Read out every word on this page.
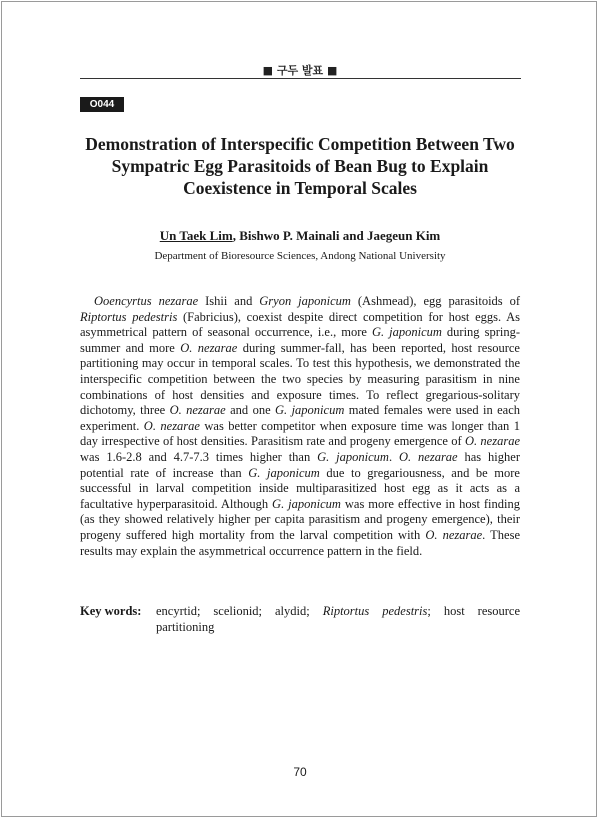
■ 구두 발표 ■
O044
Demonstration of Interspecific Competition Between Two Sympatric Egg Parasitoids of Bean Bug to Explain Coexistence in Temporal Scales
Un Taek Lim, Bishwo P. Mainali and Jaegeun Kim
Department of Bioresource Sciences, Andong National University

Ooencyrtus nezarae Ishii and Gryon japonicum (Ashmead), egg parasitoids of Riptortus pedestris (Fabricius), coexist despite direct competition for host eggs. As asymmetrical pattern of seasonal occurrence, i.e., more G. japonicum during spring-summer and more O. nezarae during summer-fall, has been reported, host resource partitioning may occur in temporal scales. To test this hypothesis, we demonstrated the interspecific competition between the two species by measuring parasitism in nine combinations of host densities and exposure times. To reflect gregarious-solitary dichotomy, three O. nezarae and one G. japonicum mated females were used in each experiment. O. nezarae was better competitor when exposure time was longer than 1 day irrespective of host densities. Parasitism rate and progeny emergence of O. nezarae was 1.6-2.8 and 4.7-7.3 times higher than G. japonicum. O. nezarae has higher potential rate of increase than G. japonicum due to gregariousness, and be more successful in larval competition inside multiparasitized host egg as it acts as a facultative hyperparasitoid. Although G. japonicum was more effective in host finding (as they showed relatively higher per capita parasitism and progeny emergence), their progeny suffered high mortality from the larval competition with O. nezarae. These results may explain the asymmetrical occurrence pattern in the field.

Key words:	encyrtid; scelionid; alydid; Riptortus pedestris; host resource partitioning
70
